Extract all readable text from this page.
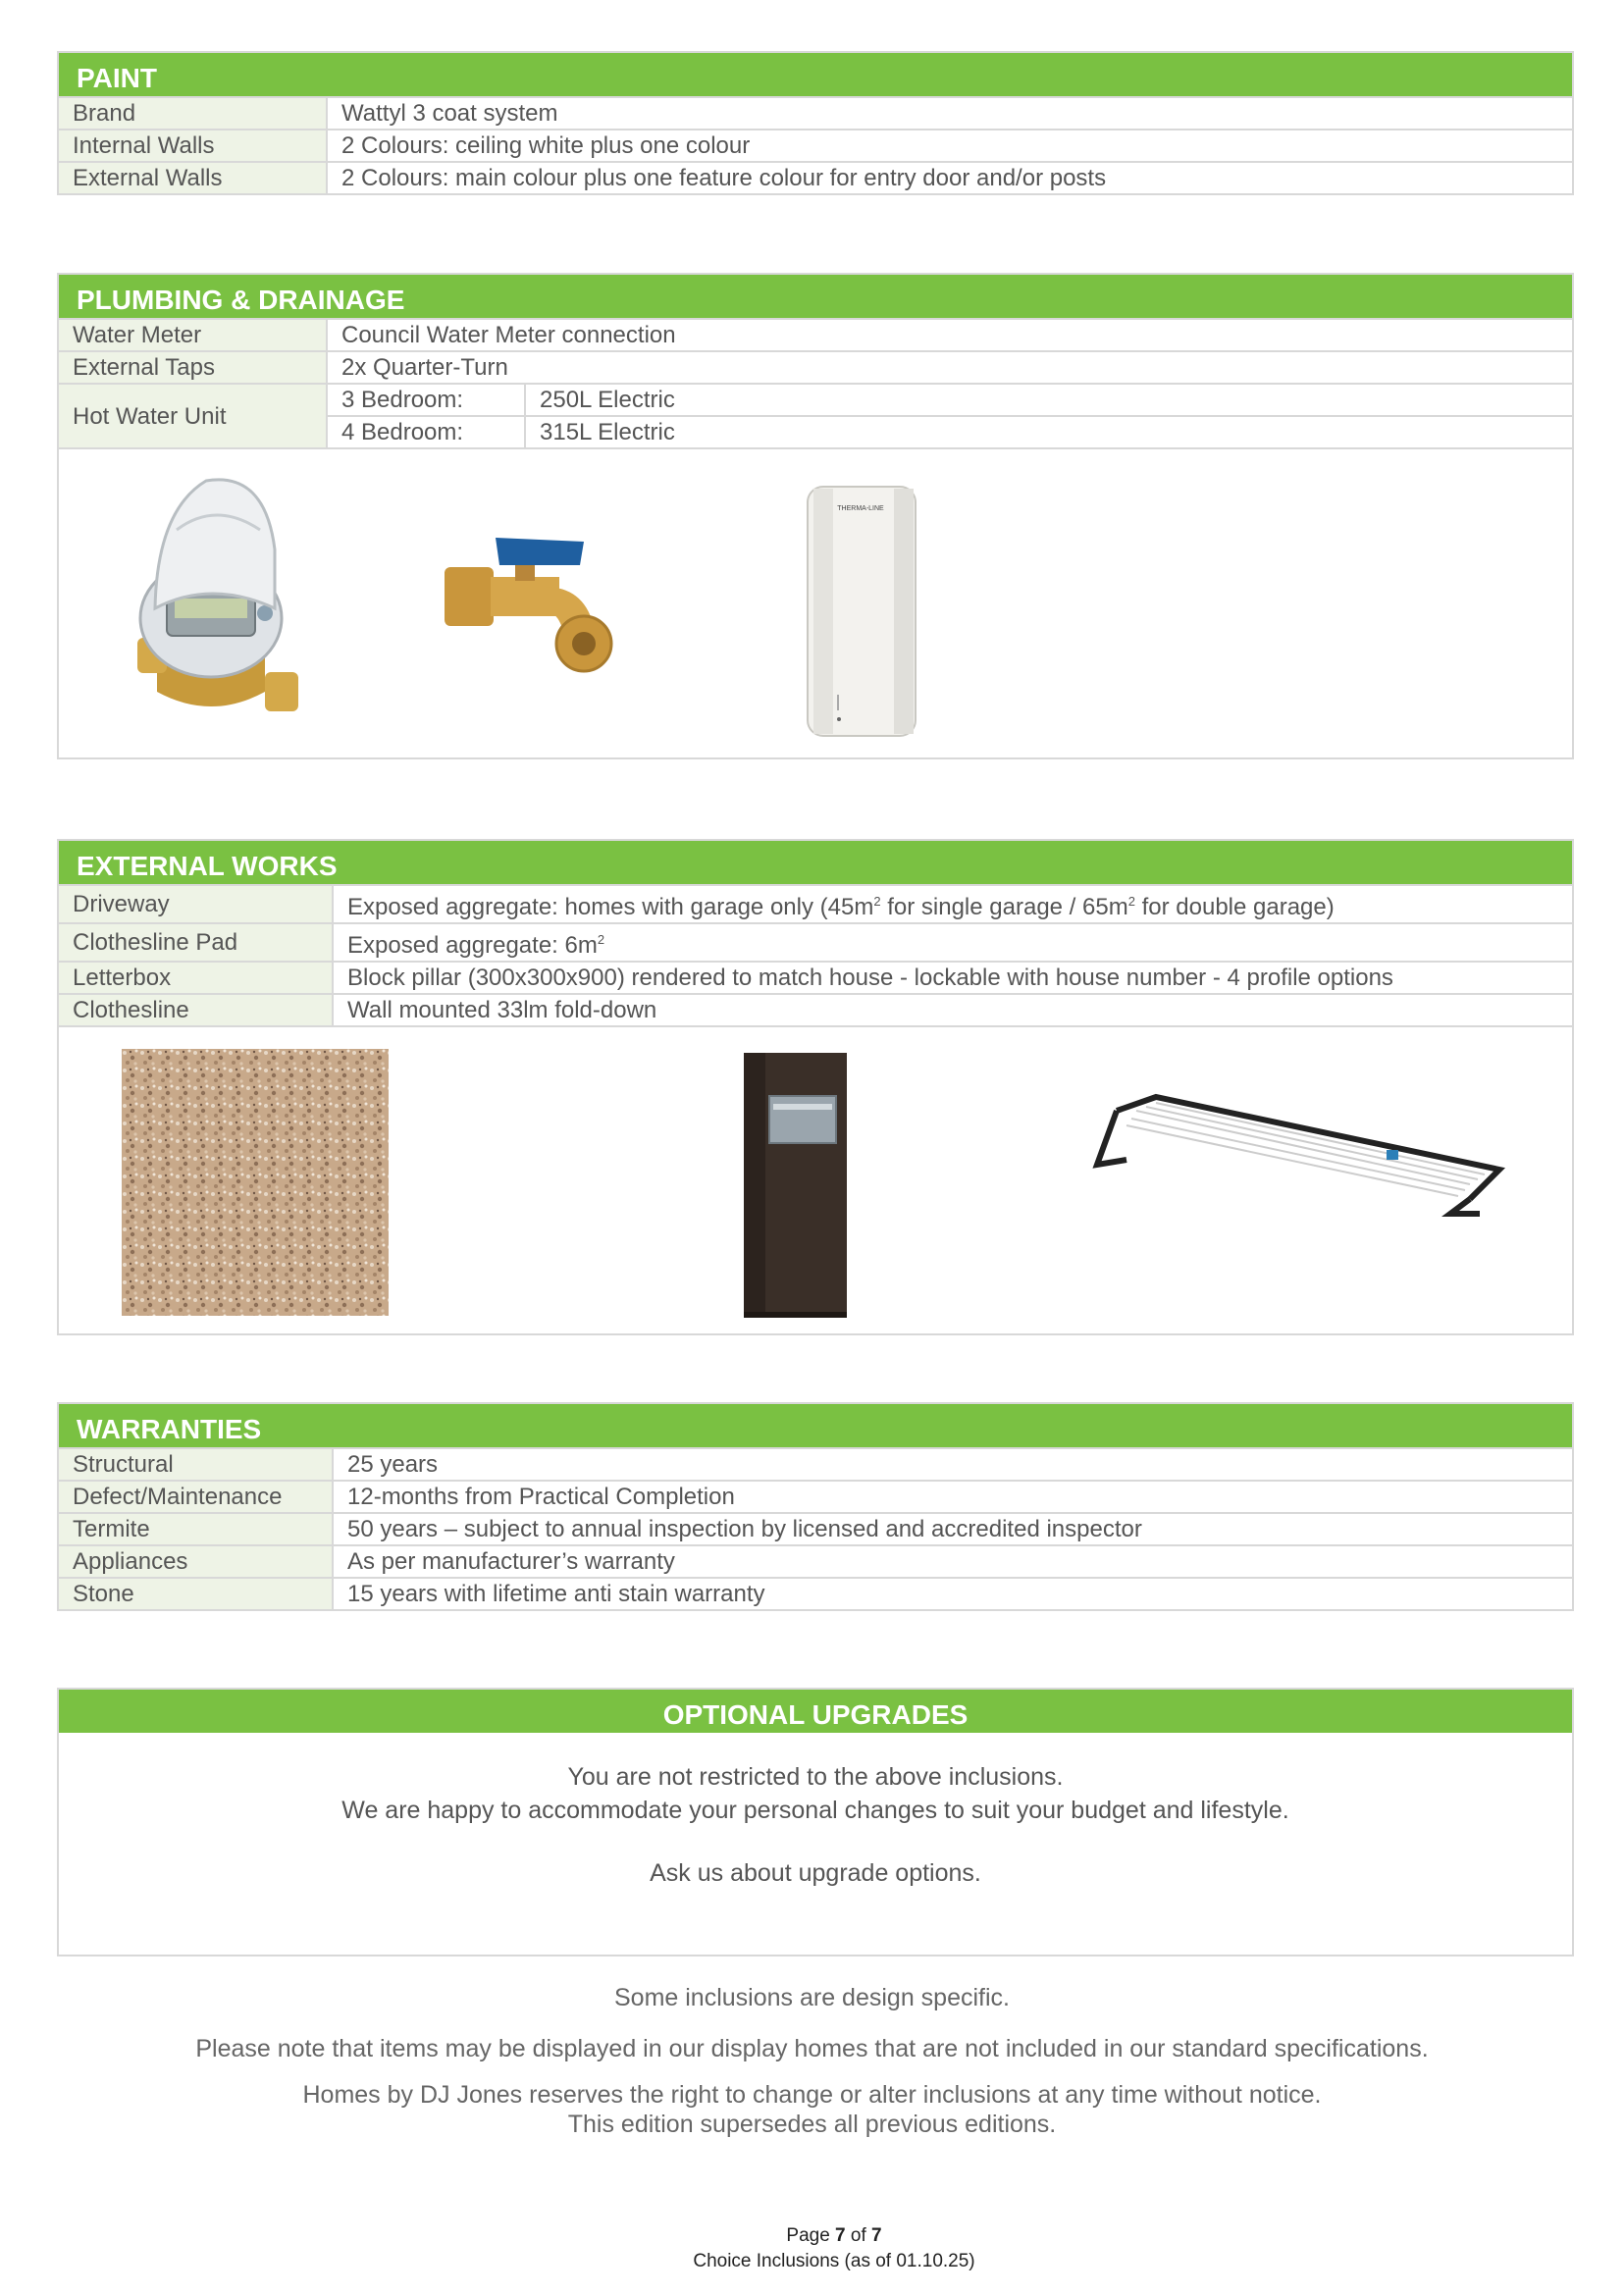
PAINT
Brand	Wattyl 3 coat system
Internal Walls	2 Colours: ceiling white plus one colour
External Walls	2 Colours: main colour plus one feature colour for entry door and/or posts
PLUMBING & DRAINAGE
Water Meter	Council Water Meter connection	
External Taps	2x Quarter-Turn	
Hot Water Unit	3 Bedroom:	250L Electric
	4 Bedroom:	315L Electric
THERMA-LINE
EXTERNAL WORKS
Driveway	Exposed aggregate: homes with garage only ($45m^2$ for single garage / $65m^2$ for double garage)
Clothesline Pad	Exposed aggregate: $6m^2$
Letterbox	Block pillar (300x300x900) rendered to match house - lockable with house number - 4 profile options
Clothesline	Wall mounted 33lm fold-down
WARRANTIES
Structural	25 years
Defect/Maintenance	12-months from Practical Completion
Termite	50 years – subject to annual inspection by licensed and accredited inspector
Appliances	As per manufacturer’s warranty
Stone	15 years with lifetime anti stain warranty
OPTIONAL UPGRADES
You are not restricted to the above inclusions.
We are happy to accommodate your personal changes to suit your budget and lifestyle.
Ask us about upgrade options.
Some inclusions are design specific.
Please note that items may be displayed in our display homes that are not included in our standard specifications.
Homes by DJ Jones reserves the right to change or alter inclusions at any time without notice.
This edition supersedes all previous editions.
Page 7 of 7
Choice Inclusions (as of 01.10.25)
